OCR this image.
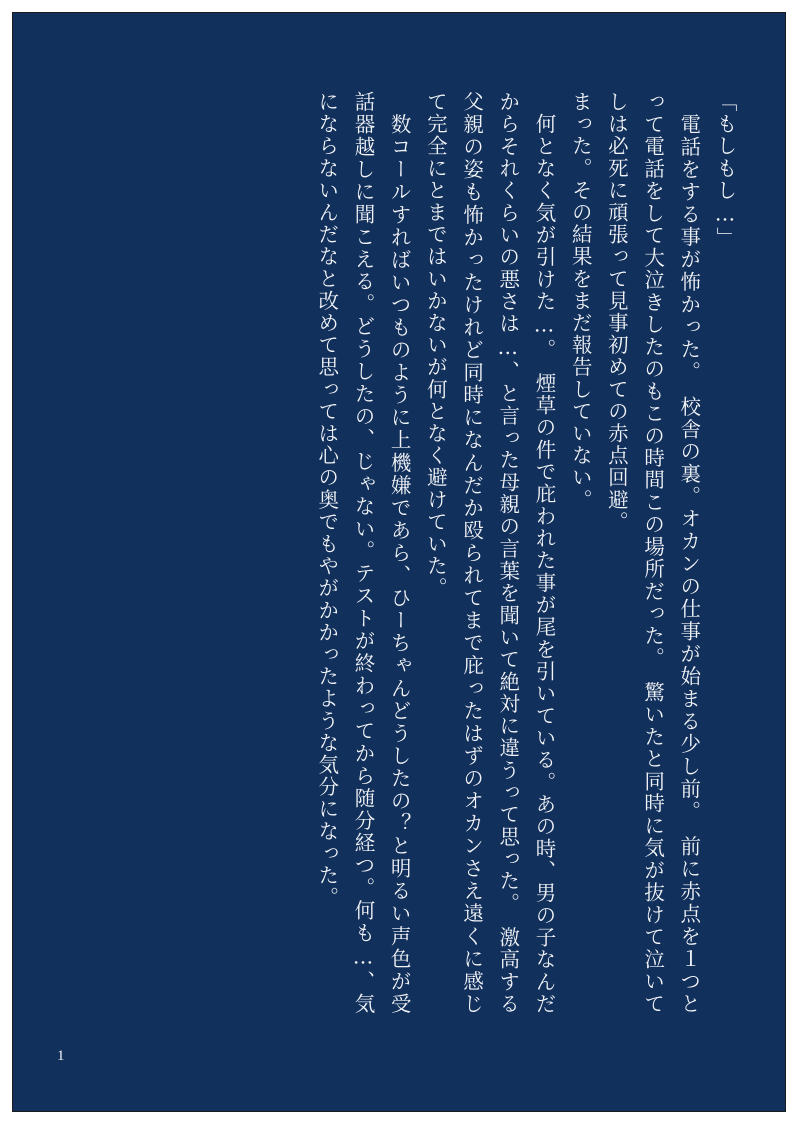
「もしもし…」

　電話をする事が怖かった。　校舎の裏。オカンの仕事が始まる少し前。　前に赤点を１つとって電話をして大泣きしたのもこの時間この場所だった。　驚いたと同時に気が抜けて泣いてしは必死に頑張って見事初めての赤点回避。

まった。その結果をまだ報告していない。

　何となく気が引けた…。　煙草の件で庇われた事が尾を引いている。あの時、男の子なんだからそれくらいの悪さは…、と言った母親の言葉を聞いて絶対に違うって思った。　激高する父親の姿も怖かったけれど同時になんだか殴られてまで庇ったはずのオカンさえ遠くに感じて完全にとまではいかないが何となく避けていた。

　数コールすればいつものように上機嫌であら、ひーちゃんどうしたの？と明るい声色が受話器越しに聞こえる。どうしたの、じゃない。テストが終わってから随分経つ。何も…、気にならないんだなと改めて思っては心の奥でもやがかかったような気分になった。

1
